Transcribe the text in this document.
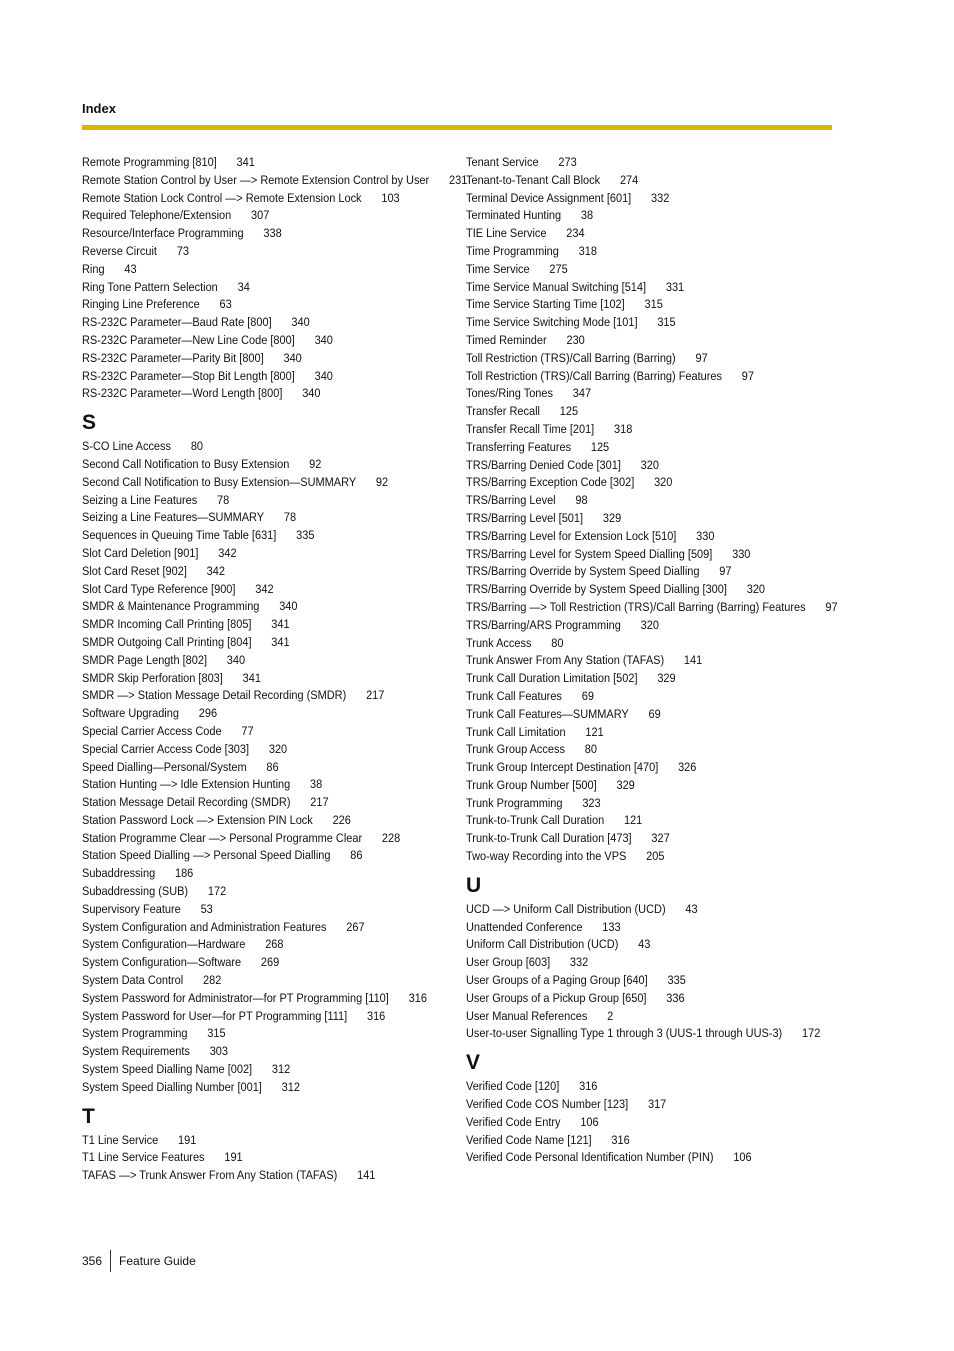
Index
Remote Programming [810] 341
Remote Station Control by User —> Remote Extension Control by User 231
Remote Station Lock Control —> Remote Extension Lock 103
Required Telephone/Extension 307
Resource/Interface Programming 338
Reverse Circuit 73
Ring 43
Ring Tone Pattern Selection 34
Ringing Line Preference 63
RS-232C Parameter—Baud Rate [800] 340
RS-232C Parameter—New Line Code [800] 340
RS-232C Parameter—Parity Bit [800] 340
RS-232C Parameter—Stop Bit Length [800] 340
RS-232C Parameter—Word Length [800] 340
S
S-CO Line Access 80
Second Call Notification to Busy Extension 92
Second Call Notification to Busy Extension—SUMMARY 92
Seizing a Line Features 78
Seizing a Line Features—SUMMARY 78
Sequences in Queuing Time Table [631] 335
Slot Card Deletion [901] 342
Slot Card Reset [902] 342
Slot Card Type Reference [900] 342
SMDR & Maintenance Programming 340
SMDR Incoming Call Printing [805] 341
SMDR Outgoing Call Printing [804] 341
SMDR Page Length [802] 340
SMDR Skip Perforation [803] 341
SMDR —> Station Message Detail Recording (SMDR) 217
Software Upgrading 296
Special Carrier Access Code 77
Special Carrier Access Code [303] 320
Speed Dialling—Personal/System 86
Station Hunting —> Idle Extension Hunting 38
Station Message Detail Recording (SMDR) 217
Station Password Lock —> Extension PIN Lock 226
Station Programme Clear —> Personal Programme Clear 228
Station Speed Dialling —> Personal Speed Dialling 86
Subaddressing 186
Subaddressing (SUB) 172
Supervisory Feature 53
System Configuration and Administration Features 267
System Configuration—Hardware 268
System Configuration—Software 269
System Data Control 282
System Password for Administrator—for PT Programming [110] 316
System Password for User—for PT Programming [111] 316
System Programming 315
System Requirements 303
System Speed Dialling Name [002] 312
System Speed Dialling Number [001] 312
T
T1 Line Service 191
T1 Line Service Features 191
TAFAS —> Trunk Answer From Any Station (TAFAS) 141
Tenant Service 273
Tenant-to-Tenant Call Block 274
Terminal Device Assignment [601] 332
Terminated Hunting 38
TIE Line Service 234
Time Programming 318
Time Service 275
Time Service Manual Switching [514] 331
Time Service Starting Time [102] 315
Time Service Switching Mode [101] 315
Timed Reminder 230
Toll Restriction (TRS)/Call Barring (Barring) 97
Toll Restriction (TRS)/Call Barring (Barring) Features 97
Tones/Ring Tones 347
Transfer Recall 125
Transfer Recall Time [201] 318
Transferring Features 125
TRS/Barring Denied Code [301] 320
TRS/Barring Exception Code [302] 320
TRS/Barring Level 98
TRS/Barring Level [501] 329
TRS/Barring Level for Extension Lock [510] 330
TRS/Barring Level for System Speed Dialling [509] 330
TRS/Barring Override by System Speed Dialling 97
TRS/Barring Override by System Speed Dialling [300] 320
TRS/Barring —> Toll Restriction (TRS)/Call Barring (Barring) Features 97
TRS/Barring/ARS Programming 320
Trunk Access 80
Trunk Answer From Any Station (TAFAS) 141
Trunk Call Duration Limitation [502] 329
Trunk Call Features 69
Trunk Call Features—SUMMARY 69
Trunk Call Limitation 121
Trunk Group Access 80
Trunk Group Intercept Destination [470] 326
Trunk Group Number [500] 329
Trunk Programming 323
Trunk-to-Trunk Call Duration 121
Trunk-to-Trunk Call Duration [473] 327
Two-way Recording into the VPS 205
U
UCD —> Uniform Call Distribution (UCD) 43
Unattended Conference 133
Uniform Call Distribution (UCD) 43
User Group [603] 332
User Groups of a Paging Group [640] 335
User Groups of a Pickup Group [650] 336
User Manual References 2
User-to-user Signalling Type 1 through 3 (UUS-1 through UUS-3) 172
V
Verified Code [120] 316
Verified Code COS Number [123] 317
Verified Code Entry 106
Verified Code Name [121] 316
Verified Code Personal Identification Number (PIN) 106
356	Feature Guide
